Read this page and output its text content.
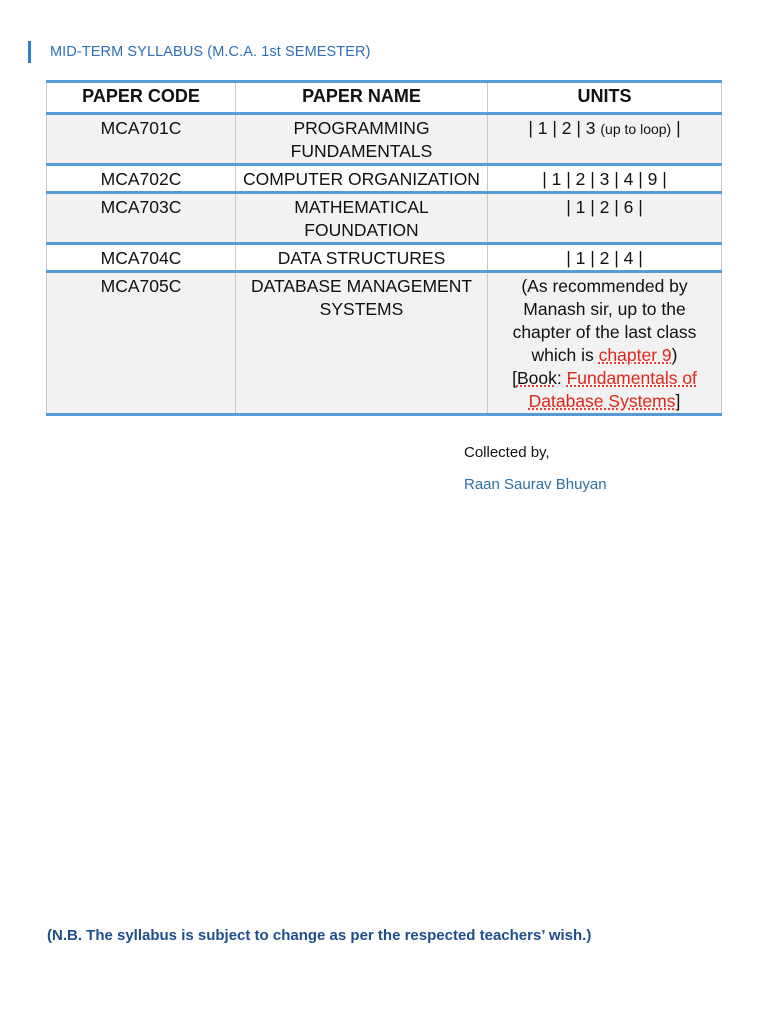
MID-TERM SYLLABUS (M.C.A. 1st SEMESTER)
PAPER CODE	PAPER NAME	UNITS
MCA701C	PROGRAMMING FUNDAMENTALS	| 1 | 2 | 3 (up to loop) |
MCA702C	COMPUTER ORGANIZATION	| 1 | 2 | 3 | 4 | 9 |
MCA703C	MATHEMATICAL FOUNDATION	| 1 | 2 | 6 |
MCA704C	DATA STRUCTURES	| 1 | 2 | 4 |
MCA705C	DATABASE MANAGEMENT SYSTEMS	(As recommended by Manash sir, up to the chapter of the last class which is chapter 9)
[Book: Fundamentals of Database Systems]
Collected by,
Raan Saurav Bhuyan
(N.B. The syllabus is subject to change as per the respected teachers’ wish.)
